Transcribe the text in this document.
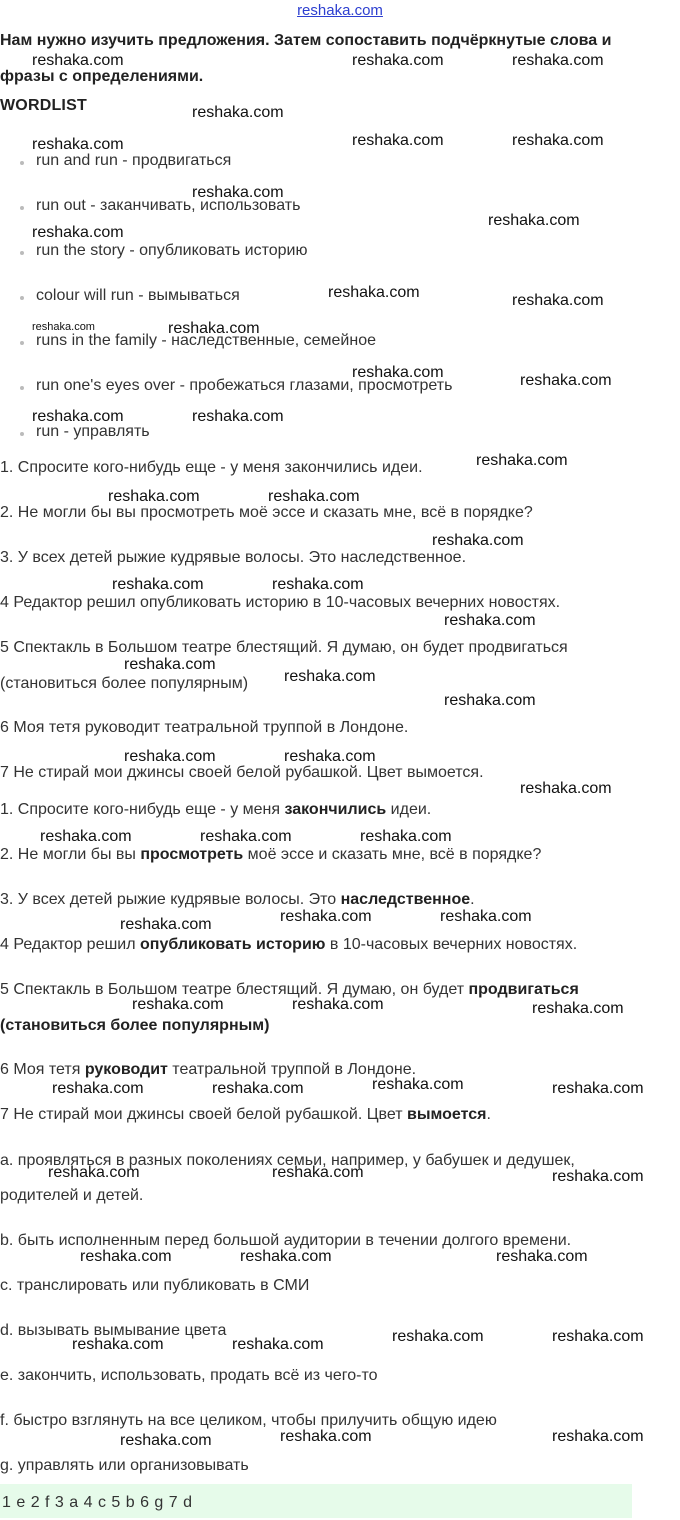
reshaka.com
Нам нужно изучить предложения. Затем сопоставить подчёркнутые слова и
фразы с определениями.
WORDLIST
run and run - продвигаться
run out - заканчивать, использовать
run the story - опубликовать историю
colour will run - вымываться
runs in the family - наследственные, семейное
run one's eyes over - пробежаться глазами, просмотреть
run - управлять
1. Спросите кого-нибудь еще - у меня закончились идеи.
2. Не могли бы вы просмотреть моё эссе и сказать мне, всё в порядке?
3. У всех детей рыжие кудрявые волосы. Это наследственное.
4 Редактор решил опубликовать историю в 10-часовых вечерних новостях.
5 Спектакль в Большом театре блестящий. Я думаю, он будет продвигаться
(становиться более популярным)
6 Моя тетя руководит театральной труппой в Лондоне.
7 Не стирай мои джинсы своей белой рубашкой. Цвет вымоется.
1. Спросите кого-нибудь еще - у меня закончились идеи.
2. Не могли бы вы просмотреть моё эссе и сказать мне, всё в порядке?
3. У всех детей рыжие кудрявые волосы. Это наследственное.
4 Редактор решил опубликовать историю в 10-часовых вечерних новостях.
5 Спектакль в Большом театре блестящий. Я думаю, он будет продвигаться
(становиться более популярным)
6 Моя тетя руководит театральной труппой в Лондоне.
7 Не стирай мои джинсы своей белой рубашкой. Цвет вымоется.
a. проявляться в разных поколениях семьи, например, у бабушек и дедушек,
родителей и детей.
b. быть исполненным перед большой аудитории в течении долгого времени.
c. транслировать или публиковать в СМИ
d. вызывать вымывание цвета
e. закончить, использовать, продать всё из чего-то
f. быстро взглянуть на все целиком, чтобы прилучить общую идею
g. управлять или организовывать
1 e 2 f 3 a 4 c 5 b 6 g 7 d
reshaka.com	reshaka.com	reshaka.com
reshaka.com
reshaka.com	reshaka.com	reshaka.com
reshaka.com
reshaka.com
reshaka.com
reshaka.com	reshaka.com
reshaka.com	reshaka.com
reshaka.com	reshaka.com
reshaka.com	reshaka.com
reshaka.com
reshaka.com	reshaka.com
reshaka.com
reshaka.com	reshaka.com
reshaka.com
reshaka.com
reshaka.com
reshaka.com
reshaka.com	reshaka.com
reshaka.com
reshaka.com	reshaka.com	reshaka.com
reshaka.com	reshaka.com
reshaka.com
reshaka.com	reshaka.com	reshaka.com
reshaka.com
reshaka.com	reshaka.com	reshaka.com
reshaka.com	reshaka.com	reshaka.com
reshaka.com	reshaka.com	reshaka.com
reshaka.com	reshaka.com
reshaka.com	reshaka.com
reshaka.com	reshaka.com
reshaka.com
